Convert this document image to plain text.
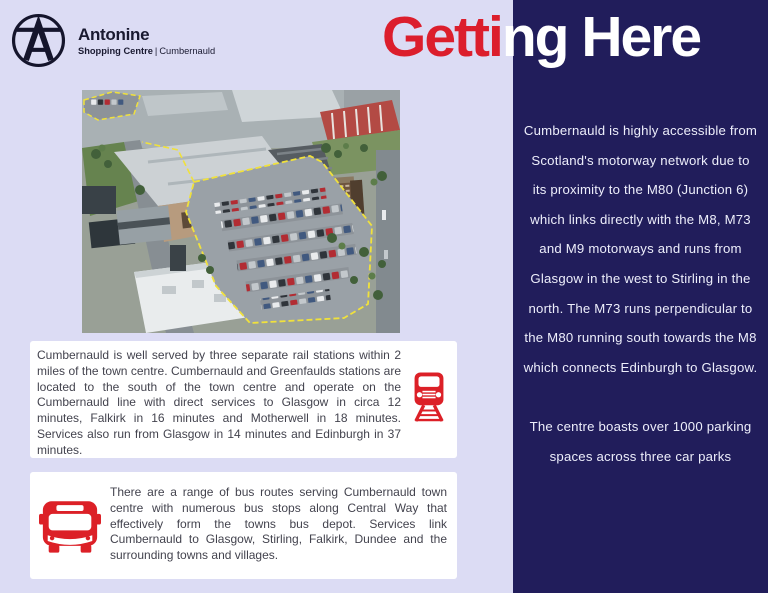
Cumbernauld is highly accessible from Scotland's motorway network due to its proximity to the M80 (Junction 6) which links directly with the M8, M73 and M9 motorways and runs from Glasgow in the west to Stirling in the north. The M73 runs perpendicular to the M80 running south towards the M8 which connects Edinburgh to Glasgow.

The centre boasts over 1000 parking spaces across three car parks

Getting Here
Antonine
Shopping Centre | Cumbernauld

Cumbernauld is well served by three separate rail stations within 2 miles of the town centre. Cumbernauld and Greenfaulds stations are located to the south of the town centre and operate on the Cumbernauld line with direct services to Glasgow in circa 12 minutes, Falkirk in 16 minutes and Motherwell in 18 minutes. Services also run from Glasgow in 14 minutes and Edinburgh in 37 minutes.

There are a range of bus routes serving Cumbernauld town centre with numerous bus stops along Central Way that effectively form the towns bus depot. Services link Cumbernauld to Glasgow, Stirling, Falkirk, Dundee and the surrounding towns and villages.
